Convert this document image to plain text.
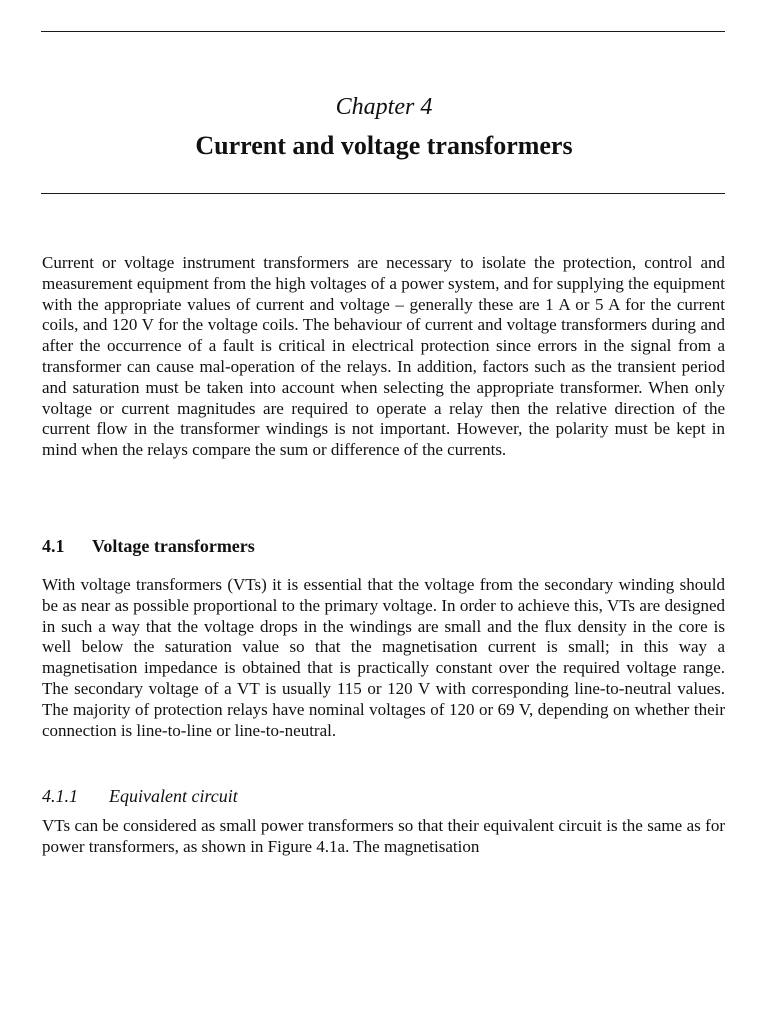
Chapter 4
Current and voltage transformers

Current or voltage instrument transformers are necessary to isolate the protection, control and measurement equipment from the high voltages of a power system, and for supplying the equipment with the appropriate values of current and voltage – generally these are 1 A or 5 A for the current coils, and 120 V for the voltage coils. The behaviour of current and voltage transformers during and after the occurrence of a fault is critical in electrical protection since errors in the signal from a transformer can cause mal-operation of the relays. In addition, factors such as the transient period and saturation must be taken into account when selecting the appropriate transformer. When only voltage or current magnitudes are required to operate a relay then the relative direction of the current flow in the transformer windings is not important. However, the polarity must be kept in mind when the relays compare the sum or difference of the currents.

4.1 Voltage transformers

With voltage transformers (VTs) it is essential that the voltage from the secondary winding should be as near as possible proportional to the primary voltage. In order to achieve this, VTs are designed in such a way that the voltage drops in the windings are small and the flux density in the core is well below the saturation value so that the magnetisation current is small; in this way a magnetisation impedance is obtained that is practically constant over the required voltage range. The secondary voltage of a VT is usually 115 or 120 V with corresponding line-to-neutral values. The majority of protection relays have nominal voltages of 120 or 69 V, depending on whether their connection is line-to-line or line-to-neutral.

4.1.1 Equivalent circuit

VTs can be considered as small power transformers so that their equivalent circuit is the same as for power transformers, as shown in Figure 4.1a. The magnetisation
